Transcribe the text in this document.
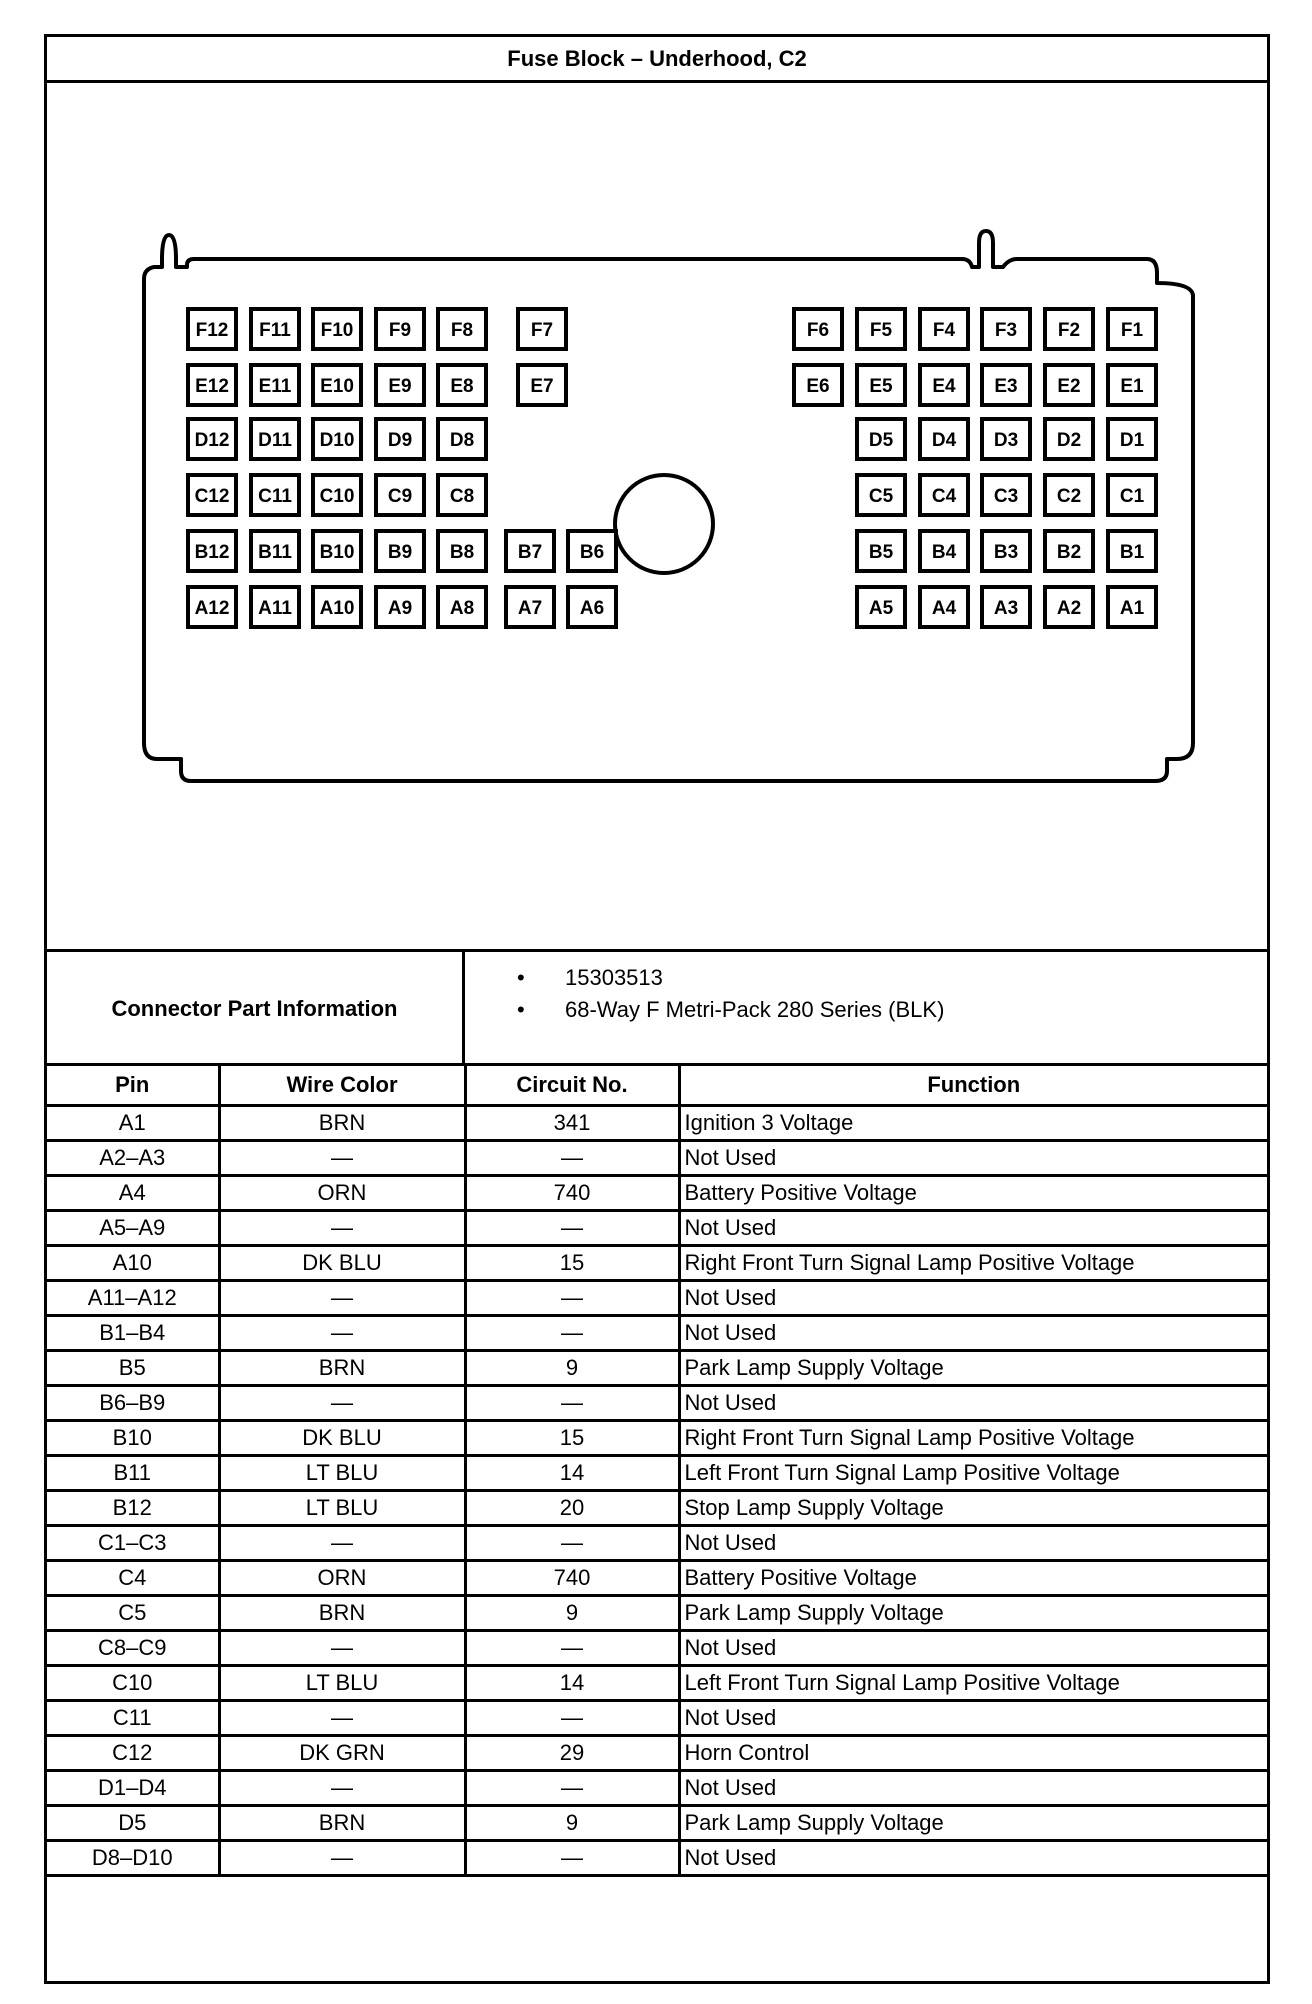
Fuse Block – Underhood, C2
F12 F11 F10 F9 F8	F7	F6 F5 F4 F3 F2 F1
E12 E11 E10 E9 E8	E7	E6 E5 E4 E3 E2 E1
D12 D11 D10 D9 D8	D5 D4 D3 D2 D1
C12 C11 C10 C9 C8	C5 C4 C3 C2 C1
B12 B11 B10 B9 B8 B7 B6	B5 B4 B3 B2 B1
A12 A11 A10 A9 A8 A7 A6	A5 A4 A3 A2 A1
Connector Part Information
• 15303513
• 68-Way F Metri-Pack 280 Series (BLK)
Pin	Wire Color	Circuit No.	Function
A1	BRN	341	Ignition 3 Voltage
A2–A3	—	—	Not Used
A4	ORN	740	Battery Positive Voltage
A5–A9	—	—	Not Used
A10	DK BLU	15	Right Front Turn Signal Lamp Positive Voltage
A11–A12	—	—	Not Used
B1–B4	—	—	Not Used
B5	BRN	9	Park Lamp Supply Voltage
B6–B9	—	—	Not Used
B10	DK BLU	15	Right Front Turn Signal Lamp Positive Voltage
B11	LT BLU	14	Left Front Turn Signal Lamp Positive Voltage
B12	LT BLU	20	Stop Lamp Supply Voltage
C1–C3	—	—	Not Used
C4	ORN	740	Battery Positive Voltage
C5	BRN	9	Park Lamp Supply Voltage
C8–C9	—	—	Not Used
C10	LT BLU	14	Left Front Turn Signal Lamp Positive Voltage
C11	—	—	Not Used
C12	DK GRN	29	Horn Control
D1–D4	—	—	Not Used
D5	BRN	9	Park Lamp Supply Voltage
D8–D10	—	—	Not Used
